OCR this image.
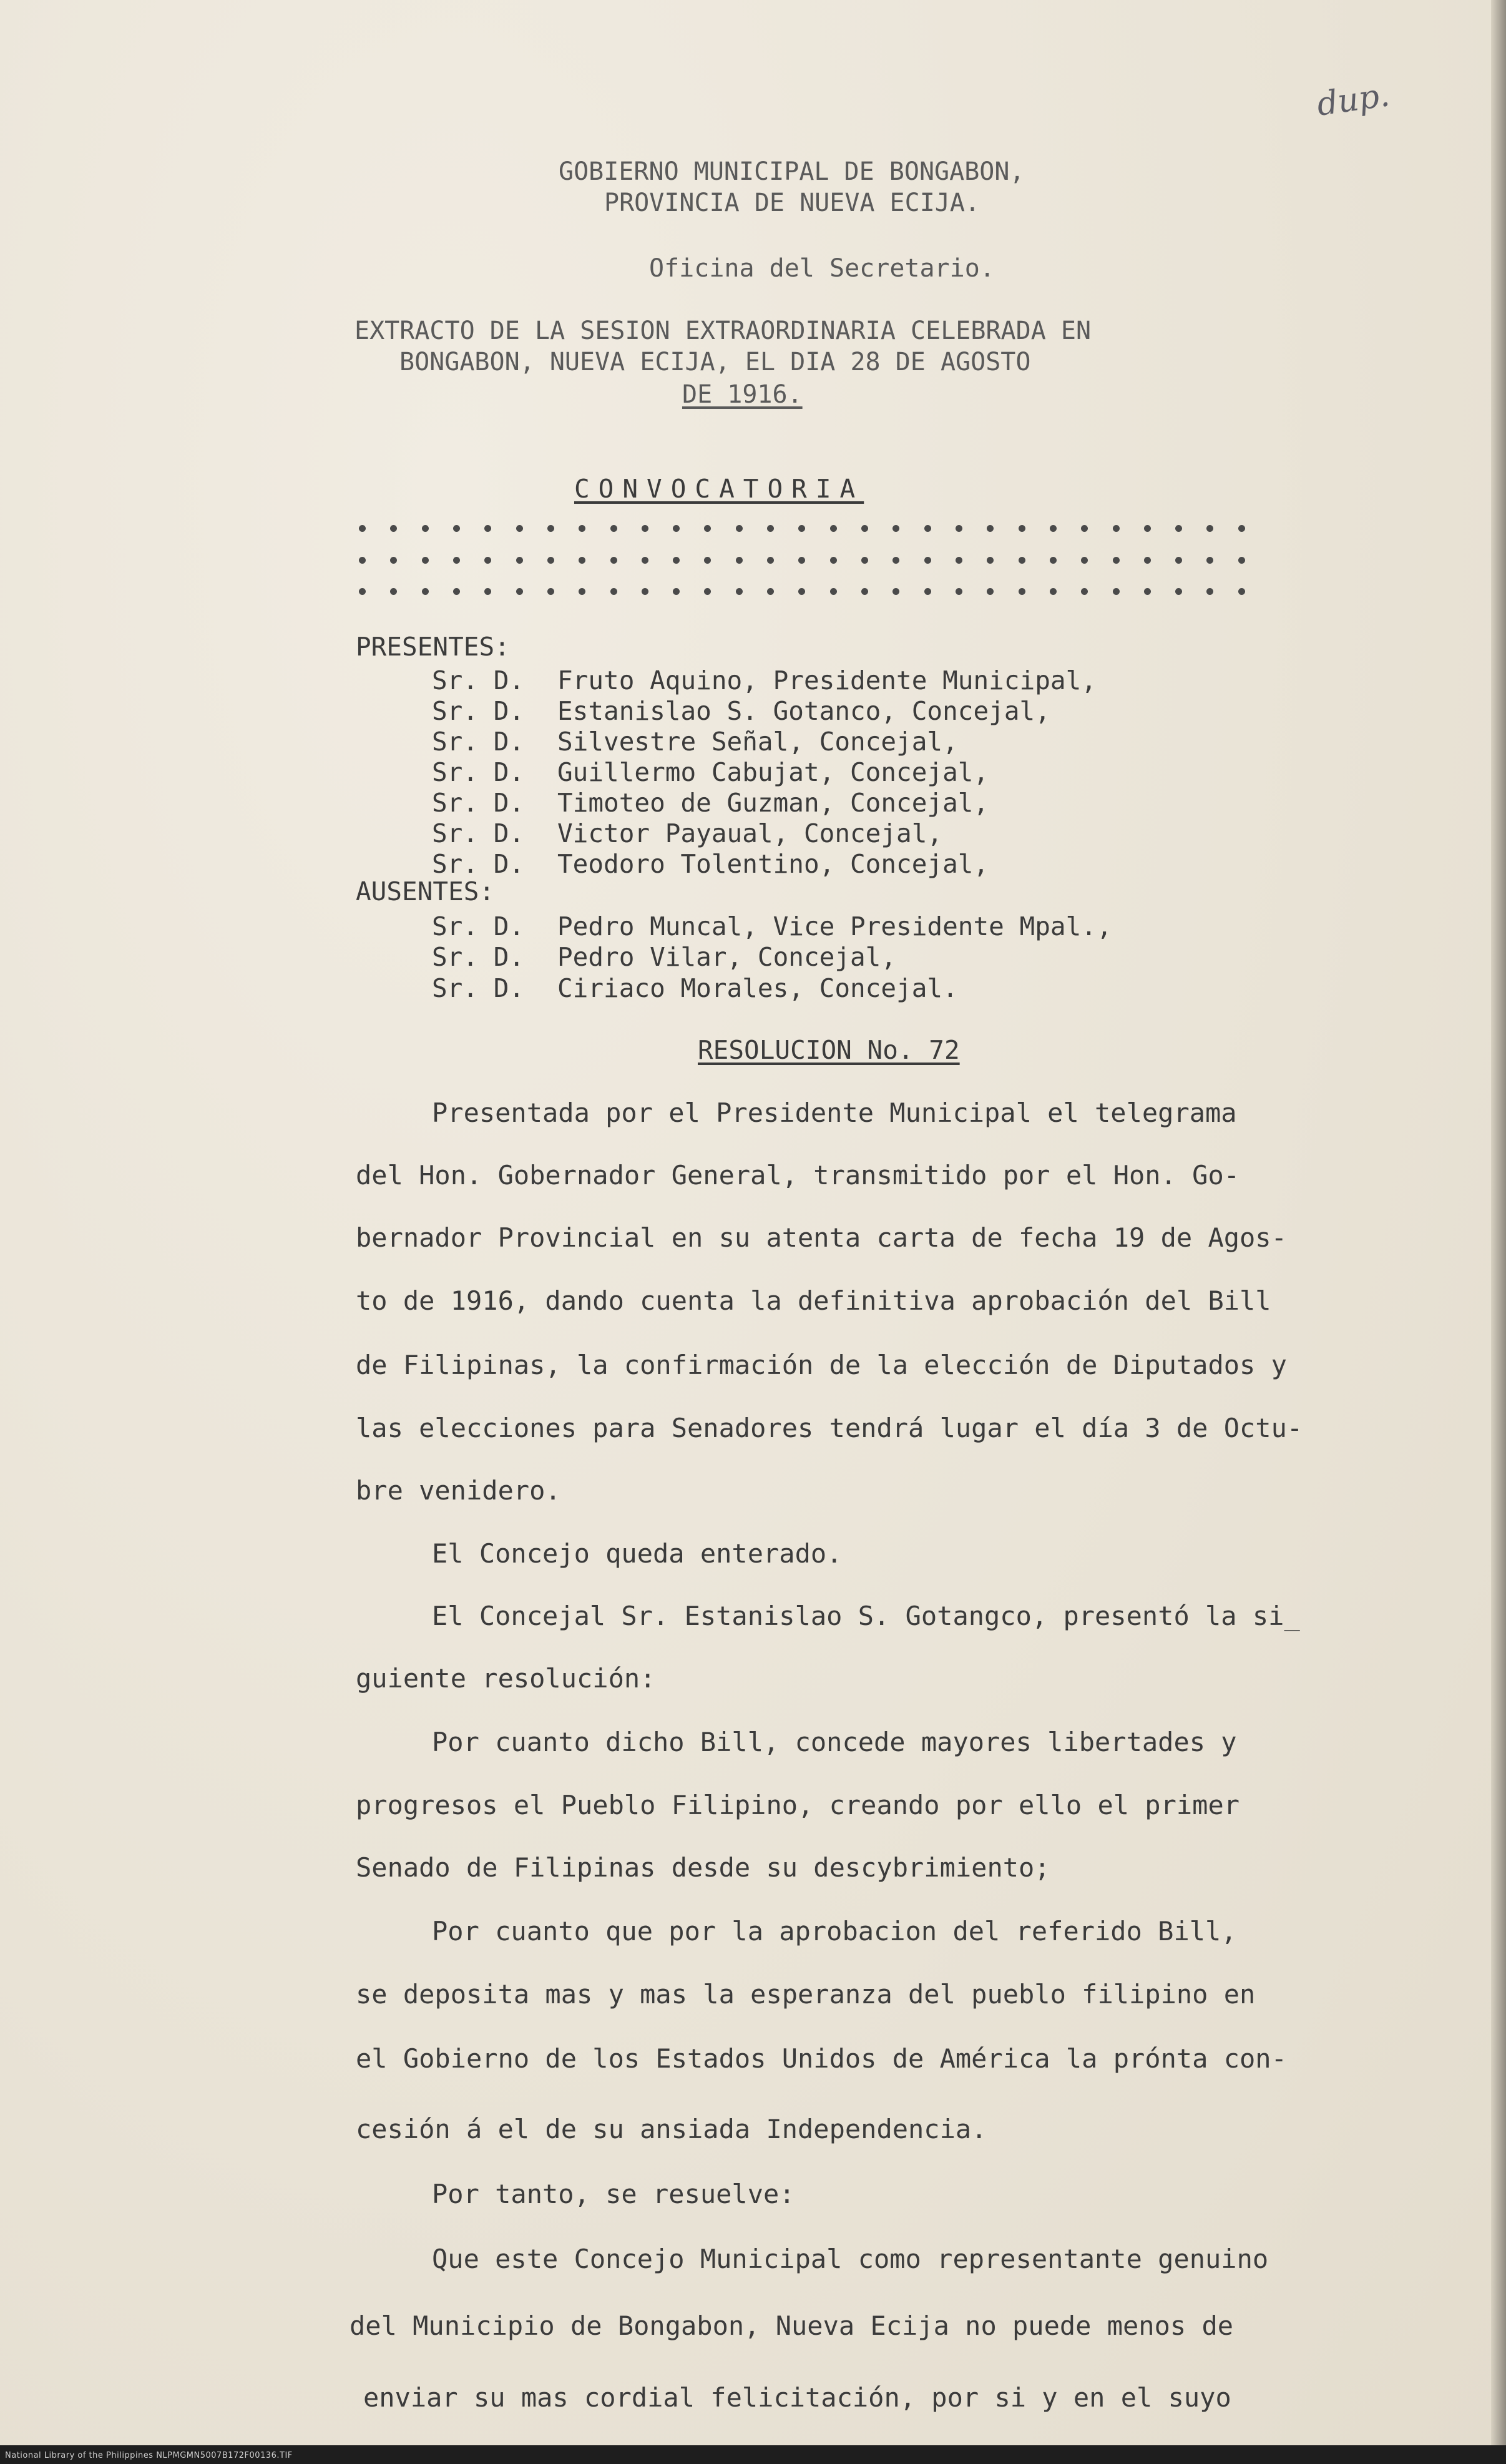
dup.
GOBIERNO MUNICIPAL DE BONGABON,
PROVINCIA DE NUEVA ECIJA.
Oficina del Secretario.
EXTRACTO DE LA SESION EXTRAORDINARIA CELEBRADA EN
BONGABON, NUEVA ECIJA, EL DIA 28 DE AGOSTO
DE 1916.
CONVOCATORIA
PRESENTES:
Sr. D. Fruto Aquino, Presidente Municipal,
Sr. D. Estanislao S. Gotanco, Concejal,
Sr. D. Silvestre Señal, Concejal,
Sr. D. Guillermo Cabujat, Concejal,
Sr. D. Timoteo de Guzman, Concejal,
Sr. D. Victor Payaual, Concejal,
Sr. D. Teodoro Tolentino, Concejal,
AUSENTES:
Sr. D. Pedro Muncal, Vice Presidente Mpal.,
Sr. D. Pedro Vilar, Concejal,
Sr. D. Ciriaco Morales, Concejal.
RESOLUCION No. 72
Presentada por el Presidente Municipal el telegrama
del Hon. Gobernador General, transmitido por el Hon. Go-
bernador Provincial en su atenta carta de fecha 19 de Agos-
to de 1916, dando cuenta la definitiva aprobación del Bill
de Filipinas, la confirmación de la elección de Diputados y
las elecciones para Senadores tendrá lugar el día 3 de Octu-
bre venidero.
El Concejo queda enterado.
El Concejal Sr. Estanislao S. Gotangco, presentó la si_
guiente resolución:
Por cuanto dicho Bill, concede mayores libertades y
progresos el Pueblo Filipino, creando por ello el primer
Senado de Filipinas desde su descybrimiento;
Por cuanto que por la aprobacion del referido Bill,
se deposita mas y mas la esperanza del pueblo filipino en
el Gobierno de los Estados Unidos de América la prónta con-
cesión á el de su ansiada Independencia.
Por tanto, se resuelve:
Que este Concejo Municipal como representante genuino
del Municipio de Bongabon, Nueva Ecija no puede menos de
enviar su mas cordial felicitación, por si y en el suyo
National Library of the Philippines NLPMGMN5007B172F00136.TIF
